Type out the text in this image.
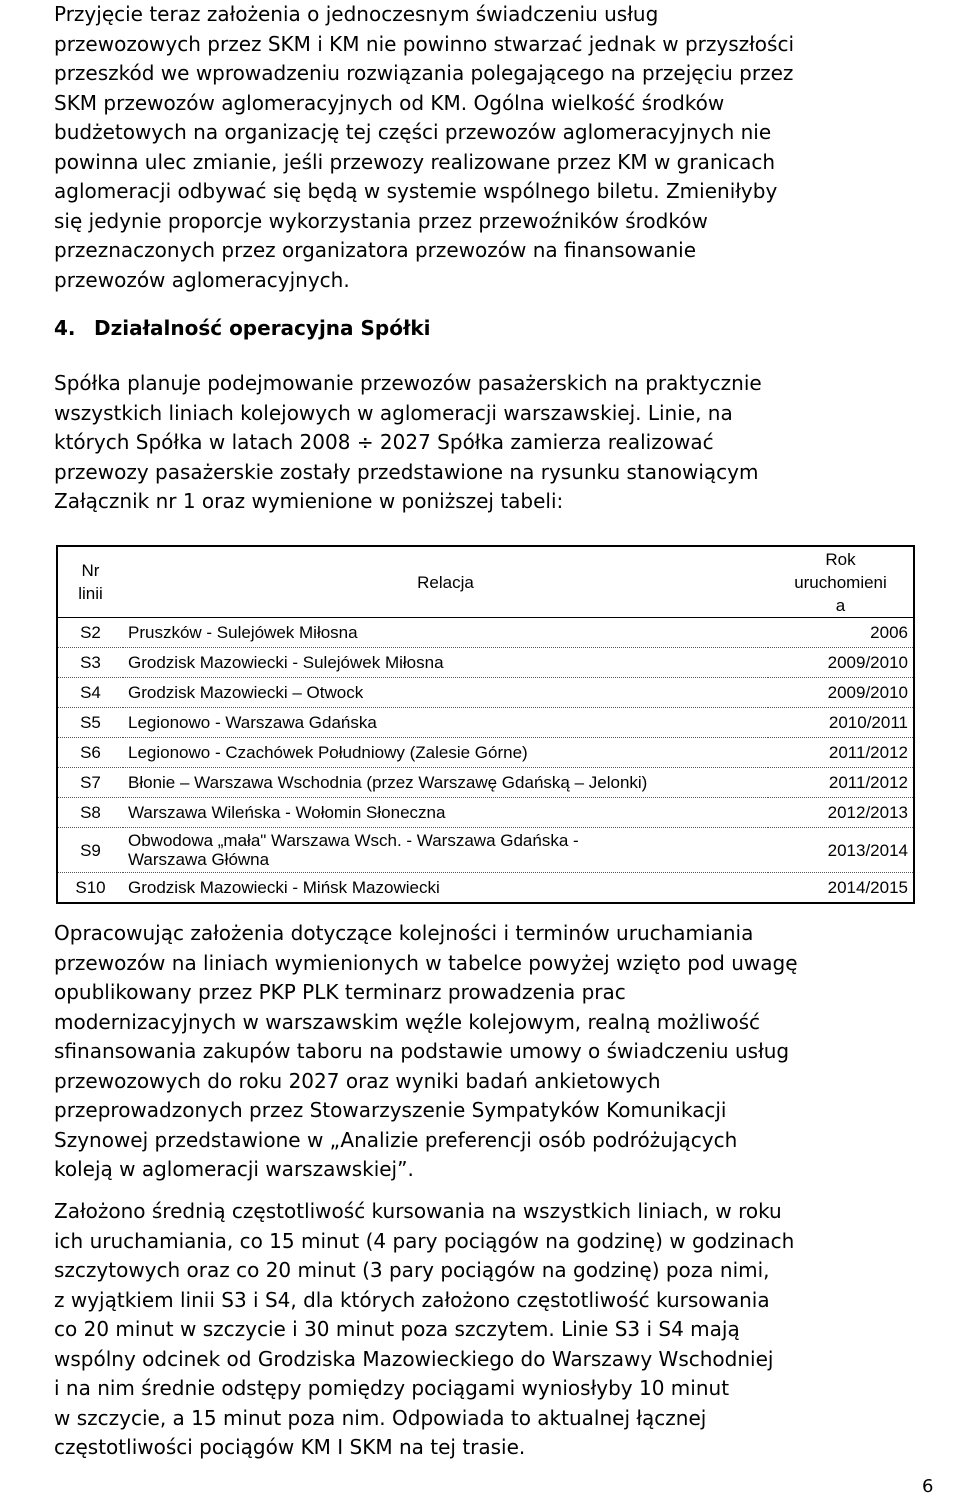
Przyjęcie teraz założenia o jednoczesnym świadczeniu usług
przewozowych przez SKM i KM nie powinno stwarzać jednak w przyszłości
przeszkód we wprowadzeniu rozwiązania polegającego na przejęciu przez
SKM przewozów aglomeracyjnych od KM. Ogólna wielkość środków
budżetowych na organizację tej części przewozów aglomeracyjnych nie
powinna ulec zmianie, jeśli przewozy realizowane przez KM w granicach
aglomeracji odbywać się będą w systemie wspólnego biletu. Zmieniłyby
się jedynie proporcje wykorzystania przez przewoźników środków
przeznaczonych przez organizatora przewozów na finansowanie
przewozów aglomeracyjnych.

4. Działalność operacyjna Spółki

Spółka planuje podejmowanie przewozów pasażerskich na praktycznie
wszystkich liniach kolejowych w aglomeracji warszawskiej. Linie, na
których Spółka w latach 2008 ÷ 2027 Spółka zamierza realizować
przewozy pasażerskie zostały przedstawione na rysunku stanowiącym
Załącznik nr 1 oraz wymienione w poniższej tabeli:

Nr
linii	Relacja	Rok
uruchomieni
a
S2	Pruszków - Sulejówek Miłosna	2006
S3	Grodzisk Mazowiecki - Sulejówek Miłosna	2009/2010
S4	Grodzisk Mazowiecki – Otwock	2009/2010
S5	Legionowo - Warszawa Gdańska	2010/2011
S6	Legionowo - Czachówek Południowy (Zalesie Górne)	2011/2012
S7	Błonie – Warszawa Wschodnia (przez Warszawę Gdańską – Jelonki)	2011/2012
S8	Warszawa Wileńska - Wołomin Słoneczna	2012/2013
S9	Obwodowa „mała" Warszawa Wsch. - Warszawa Gdańska -
Warszawa Główna	2013/2014
S10	Grodzisk Mazowiecki - Mińsk Mazowiecki	2014/2015

Opracowując założenia dotyczące kolejności i terminów uruchamiania
przewozów na liniach wymienionych w tabelce powyżej wzięto pod uwagę
opublikowany przez PKP PLK terminarz prowadzenia prac
modernizacyjnych w warszawskim węźle kolejowym, realną możliwość
sfinansowania zakupów taboru na podstawie umowy o świadczeniu usług
przewozowych do roku 2027 oraz wyniki badań ankietowych
przeprowadzonych przez Stowarzyszenie Sympatyków Komunikacji
Szynowej przedstawione w „Analizie preferencji osób podróżujących
koleją w aglomeracji warszawskiej”.

Założono średnią częstotliwość kursowania na wszystkich liniach, w roku
ich uruchamiania, co 15 minut (4 pary pociągów na godzinę) w godzinach
szczytowych oraz co 20 minut (3 pary pociągów na godzinę) poza nimi,
z wyjątkiem linii S3 i S4, dla których założono częstotliwość kursowania
co 20 minut w szczycie i 30 minut poza szczytem. Linie S3 i S4 mają
wspólny odcinek od Grodziska Mazowieckiego do Warszawy Wschodniej
i na nim średnie odstępy pomiędzy pociągami wyniosłyby 10 minut
w szczycie, a 15 minut poza nim. Odpowiada to aktualnej łącznej
częstotliwości pociągów KM I SKM na tej trasie.

6
